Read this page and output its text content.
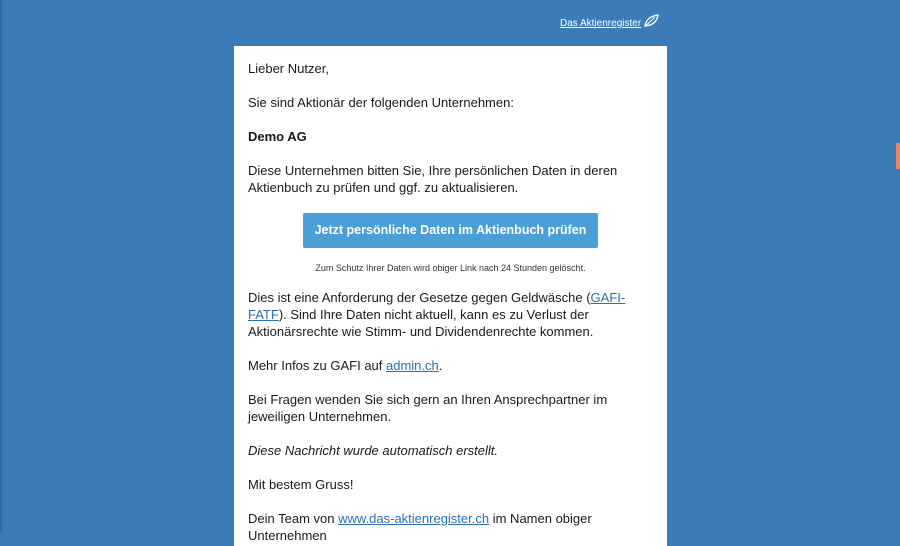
Das Aktienregister

Lieber Nutzer,

Sie sind Aktionär der folgenden Unternehmen:

Demo AG

Diese Unternehmen bitten Sie, Ihre persönlichen Daten in deren Aktienbuch zu prüfen und ggf. zu aktualisieren.

Jetzt persönliche Daten im Aktienbuch prüfen
Zum Schutz Ihrer Daten wird obiger Link nach 24 Stunden gelöscht.

Dies ist eine Anforderung der Gesetze gegen Geldwäsche (GAFI-FATF). Sind Ihre Daten nicht aktuell, kann es zu Verlust der Aktionärsrechte wie Stimm- und Dividendenrechte kommen.

Mehr Infos zu GAFI auf admin.ch.

Bei Fragen wenden Sie sich gern an Ihren Ansprechpartner im jeweiligen Unternehmen.

Diese Nachricht wurde automatisch erstellt.

Mit bestem Gruss!

Dein Team von www.das-aktienregister.ch im Namen obiger Unternehmen
